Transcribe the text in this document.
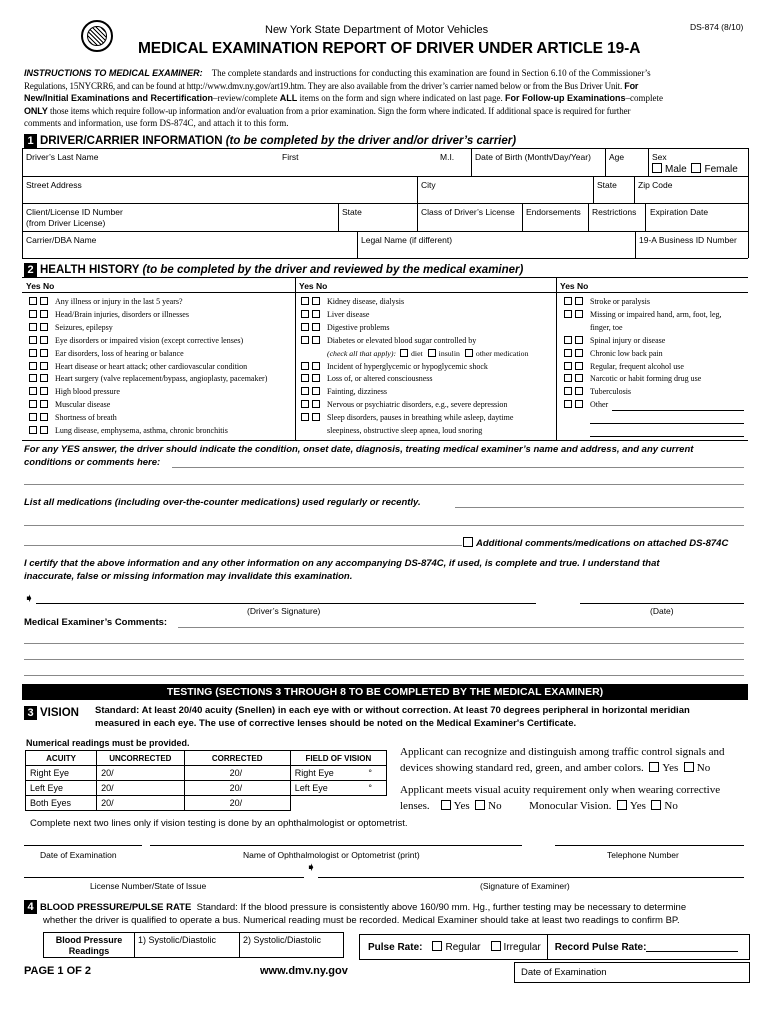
New York State Department of Motor Vehicles	DS-874 (8/10)
MEDICAL EXAMINATION REPORT OF DRIVER UNDER ARTICLE 19-A
INSTRUCTIONS TO MEDICAL EXAMINER: The complete standards and instructions for conducting this examination are found in Section 6.10 of the Commissioner’s
Regulations, 15NYCRR6, and can be found at http://www.dmv.ny.gov/art19.htm. They are also available from the driver’s carrier named below or from the Bus Driver Unit. For
New/Initial Examinations and Recertification–review/complete ALL items on the form and sign where indicated on last page. For Follow-up Examinations–complete
ONLY those items which require follow-up information and/or evaluation from a prior examination. Sign the form where indicated. If additional space is required for further
comments and information, use form DS-874C, and attach it to this form.
1 DRIVER/CARRIER INFORMATION (to be completed by the driver and/or driver’s carrier)
Driver’s Last Name	First	M.I. Date of Birth (Month/Day/Year) Age	Sex
Male Female
Street Address	City	State Zip Code
Client/License ID Number
(from Driver License)
State	Class of Driver’s License Endorsements Restrictions Expiration Date
Carrier/DBA Name	Legal Name (if different)	19-A Business ID Number
2 HEALTH HISTORY (to be completed by the driver and reviewed by the medical examiner)
Yes No	Yes No	Yes No
Any illness or injury in the last 5 years?
Head/Brain injuries, disorders or illnesses
Seizures, epilepsy
Eye disorders or impaired vision (except corrective lenses)
Ear disorders, loss of hearing or balance
Heart disease or heart attack; other cardiovascular condition
Heart surgery (valve replacement/bypass, angioplasty, pacemaker)
High blood pressure
Muscular disease
Shortness of breath
Lung disease, emphysema, asthma, chronic bronchitis
Kidney disease, dialysis
Liver disease
Digestive problems
Diabetes or elevated blood sugar controlled by
(check all that apply): diet insulin other medication
Incident of hyperglycemic or hypoglycemic shock
Loss of, or altered consciousness
Fainting, dizziness
Nervous or psychiatric disorders, e.g., severe depression
Sleep disorders, pauses in breathing while asleep, daytime
sleepiness, obstructive sleep apnea, loud snoring
Stroke or paralysis
Missing or impaired hand, arm, foot, leg,
finger, toe
Spinal injury or disease
Chronic low back pain
Regular, frequent alcohol use
Narcotic or habit forming drug use
Tuberculosis
Other
For any YES answer, the driver should indicate the condition, onset date, diagnosis, treating medical examiner’s name and address, and any current
conditions or comments here:
List all medications (including over-the-counter medications) used regularly or recently.
Additional comments/medications on attached DS-874C
I certify that the above information and any other information on any accompanying DS-874C, if used, is complete and true. I understand that
inaccurate, false or missing information may invalidate this examination.
➧
(Driver’s Signature)	(Date)
Medical Examiner’s Comments:
TESTING (SECTIONS 3 THROUGH 8 TO BE COMPLETED BY THE MEDICAL EXAMINER)
3 VISION Standard: At least 20/40 acuity (Snellen) in each eye with or without correction. At least 70 degrees peripheral in horizontal meridian
measured in each eye. The use of corrective lenses should be noted on the Medical Examiner's Certificate.
Numerical readings must be provided.
ACUITY	UNCORRECTED	CORRECTED	FIELD OF VISION
Right Eye	20/	20/	Right Eye °

Left Eye	20/	20/	Left Eye °

Both Eyes	20/	20/	
Applicant can recognize and distinguish among traffic control signals and
devices showing standard red, green, and amber colors. Yes No
Applicant meets visual acuity requirement only when wearing corrective
lenses. Yes No	Monocular Vision. Yes No
Complete next two lines only if vision testing is done by an ophthalmologist or optometrist.
Date of Examination	Name of Ophthalmologist or Optometrist (print)	Telephone Number
➧
License Number/State of Issue	(Signature of Examiner)
4 BLOOD PRESSURE/PULSE RATE Standard: If the blood pressure is consistently above 160/90 mm. Hg., further testing may be necessary to determine
whether the driver is qualified to operate a bus. Numerical reading must be recorded. Medical Examiner should take at least two readings to confirm BP.
Blood Pressure
Readings
1) Systolic/Diastolic	2) Systolic/Diastolic
Pulse Rate:	Regular	Irregular Record Pulse Rate:
PAGE 1 OF 2	www.dmv.ny.gov	Date of Examination
